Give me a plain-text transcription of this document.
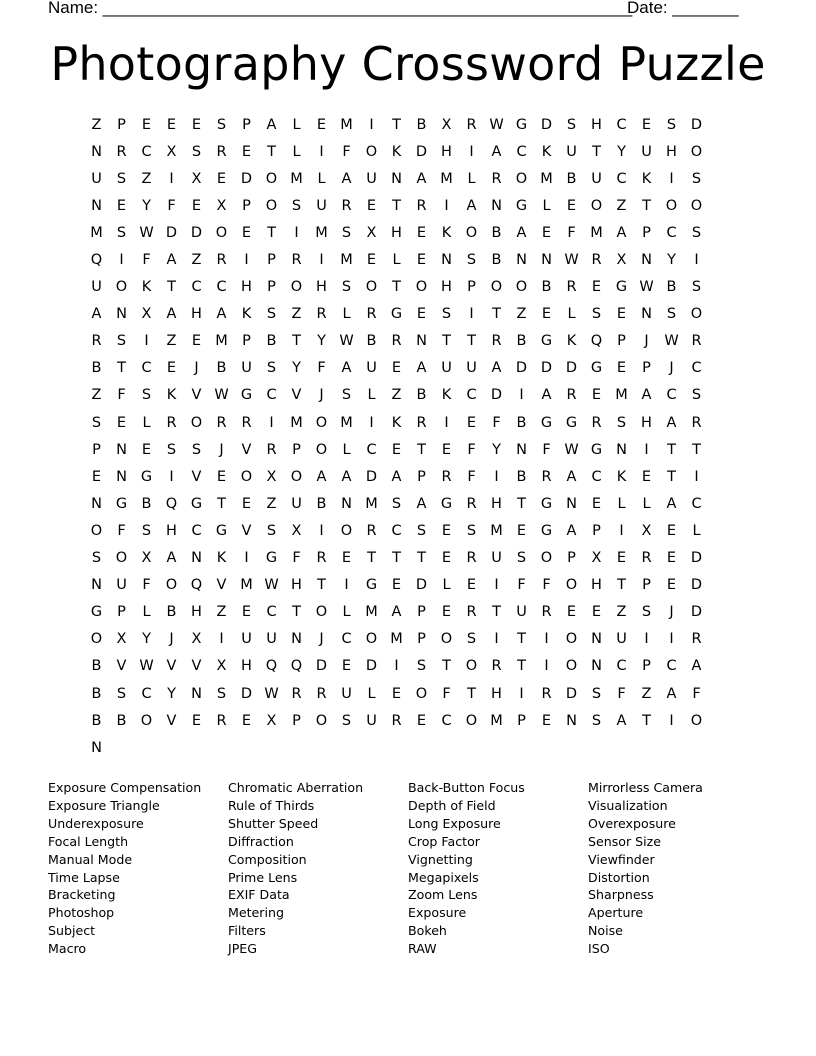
Name: ________________________________________________________
Date: _______
Photography Crossword Puzzle
Z	P	E	E	E	S	P	A	L	E M	I	T	B	X	R W G D	S	H C	E	S	D
N	R	C	X	S	R	E	T	L	I	F	O	K	D H	I	A	C	K	U	T	Y	U H O
U	S	Z	I	X	E	D O M	L	A	U N	A M	L	R O M B	U	C	K	I	S
N	E	Y	F	E	X	P	O	S	U	R	E	T	R	I	A	N G	L	E	O Z	T	O O
M S W D D O	E	T	I	M S	X	H	E	K	O B	A	E	F	M A	P	C	S
Q	I	F	A	Z	R	I	P	R	I	M E	L	E	N	S	B	N N W R	X	N	Y	I
U O	K	T	C	C H	P	O H	S	O	T	O H	P	O O B	R	E	G W B	S
A	N	X	A	H	A	K	S	Z	R	L	R G	E	S	I	T	Z	E	L	S	E	N	S	O
R	S	I	Z	E M P	B	T	Y W B	R	N	T	T	R	B G	K	Q	P	J	W R
B	T	C	E	J	B	U	S	Y	F	A	U	E	A	U U	A D D D G	E	P	J	C
Z	F	S	K	V W G C	V	J	S	L	Z	B	K	C D	I	A	R	E M A	C	S
S	E	L	R O R	R	I	M O M	I	K	R	I	E	F	B G G R	S	H	A	R
P	N	E	S	S	J	V	R	P	O	L	C	E	T	E	F	Y	N	F W G N	I	T	T
E	N G	I	V	E	O X O A	A D A	P	R	F	I	B	R	A	C	K	E	T	I
N G B Q G	T	E	Z	U	B	N M S	A G R	H	T	G N	E	L	L	A	C
O	F	S	H C G V	S	X	I	O R	C	S	E	S M E	G A	P	I	X	E	L
S	O X	A	N	K	I	G	F	R	E	T	T	T	E	R	U	S	O	P	X	E	R	E	D
N U	F	O Q V M W H	T	I	G	E	D	L	E	I	F	F	O H	T	P	E	D
G	P	L	B	H	Z	E	C	T	O	L	M A	P	E	R	T	U	R	E	E	Z	S	J	D
O X	Y	J	X	I	U U N	J	C O M P	O	S	I	T	I	O N U	I	I	R
B	V W V	V	X	H Q Q D	E	D	I	S	T	O R	T	I	O N	C	P	C	A
B	S	C	Y	N	S	D W R	R	U	L	E	O	F	T	H	I	R D	S	F	Z	A	F
B	B O V	E	R	E	X	P	O	S	U	R	E	C O M P	E	N	S	A	T	I	O
N
Exposure Compensation
Exposure Triangle
Underexposure
Focal Length
Manual Mode
Time Lapse
Bracketing
Photoshop
Subject
Macro
Chromatic Aberration
Rule of Thirds
Shutter Speed
Diffraction
Composition
Prime Lens
EXIF Data
Metering
Filters
JPEG
Back-Button Focus
Depth of Field
Long Exposure
Crop Factor
Vignetting
Megapixels
Zoom Lens
Exposure
Bokeh
RAW
Mirrorless Camera
Visualization
Overexposure
Sensor Size
Viewfinder
Distortion
Sharpness
Aperture
Noise
ISO
